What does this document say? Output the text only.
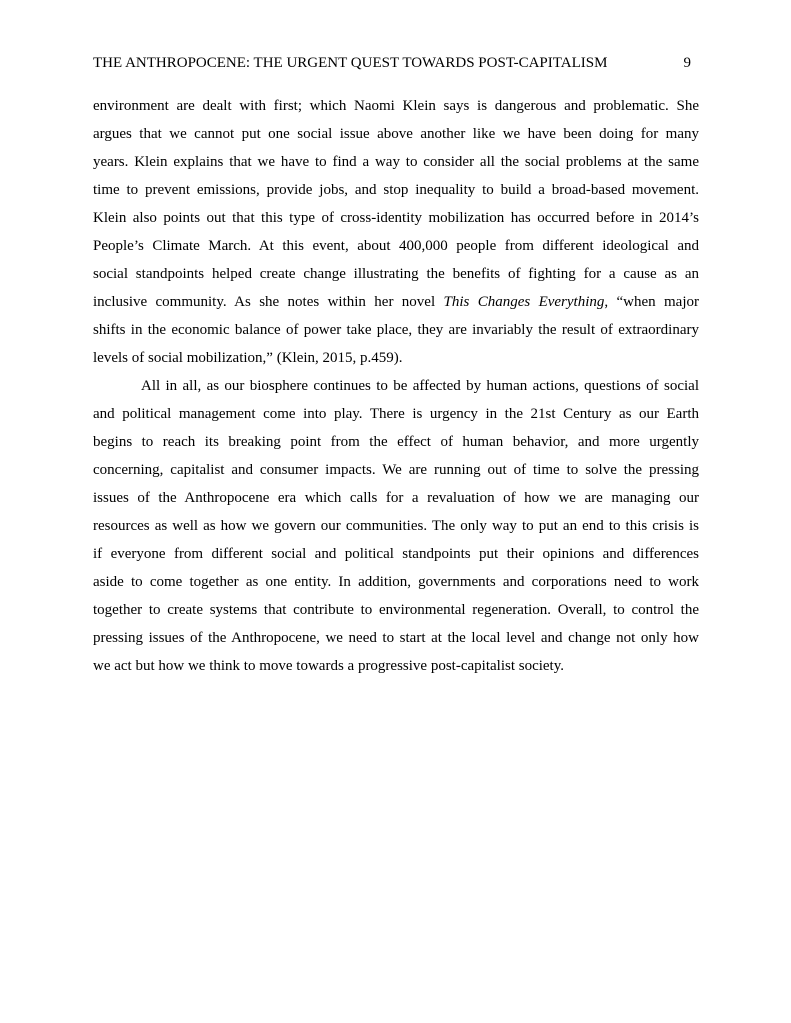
THE ANTHROPOCENE: THE URGENT QUEST TOWARDS POST-CAPITALISM	9
environment are dealt with first; which Naomi Klein says is dangerous and problematic. She
argues that we cannot put one social issue above another like we have been doing for many
years. Klein explains that we have to find a way to consider all the social problems at the same
time to prevent emissions, provide jobs, and stop inequality to build a broad-based movement.
Klein also points out that this type of cross-identity mobilization has occurred before in 2014’s
People’s Climate March. At this event, about 400,000 people from different ideological and
social standpoints helped create change illustrating the benefits of fighting for a cause as an
inclusive community. As she notes within her novel This Changes Everything, “when major
shifts in the economic balance of power take place, they are invariably the result of extraordinary
levels of social mobilization,” (Klein, 2015, p.459).
All in all, as our biosphere continues to be affected by human actions, questions of social
and political management come into play. There is urgency in the 21st Century as our Earth
begins to reach its breaking point from the effect of human behavior, and more urgently
concerning, capitalist and consumer impacts. We are running out of time to solve the pressing
issues of the Anthropocene era which calls for a revaluation of how we are managing our
resources as well as how we govern our communities. The only way to put an end to this crisis is
if everyone from different social and political standpoints put their opinions and differences
aside to come together as one entity. In addition, governments and corporations need to work
together to create systems that contribute to environmental regeneration. Overall, to control the
pressing issues of the Anthropocene, we need to start at the local level and change not only how
we act but how we think to move towards a progressive post-capitalist society.
